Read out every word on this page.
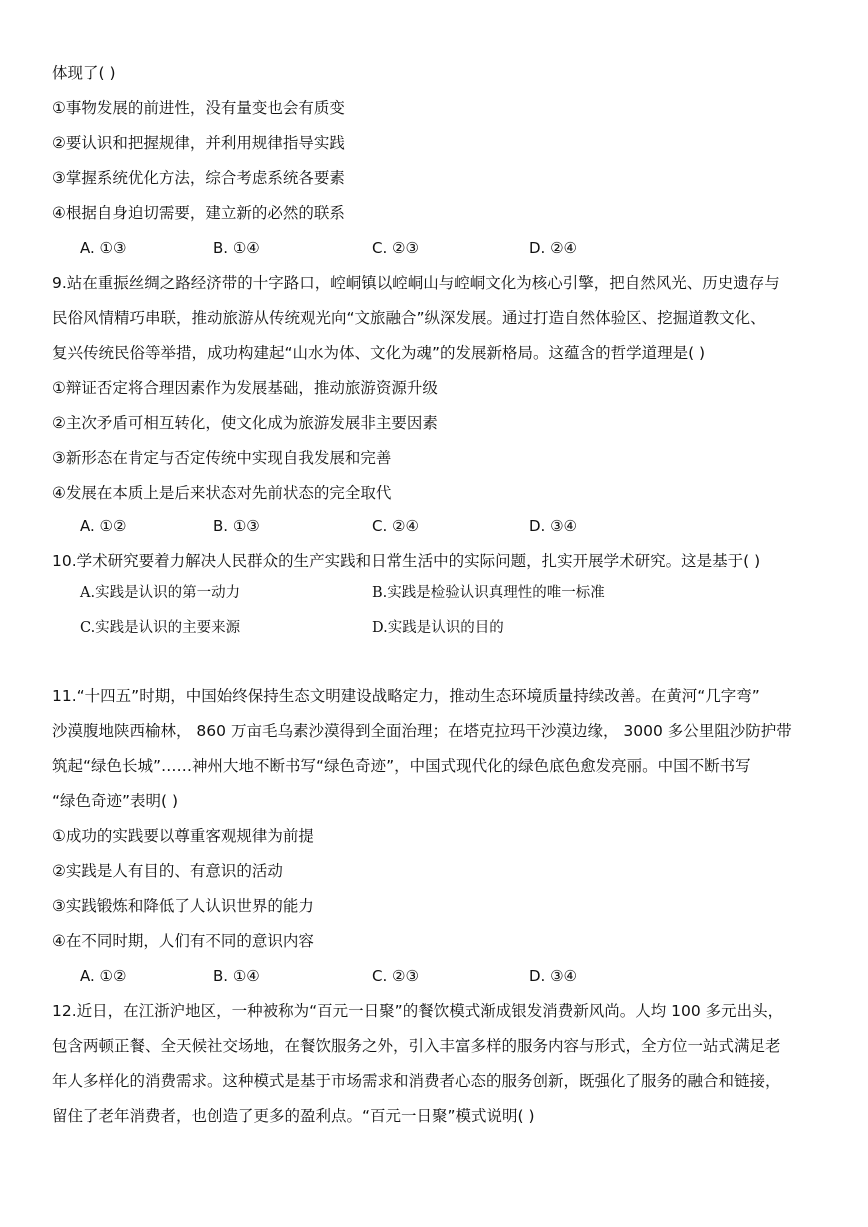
体现了( )
①事物发展的前进性，没有量变也会有质变
②要认识和把握规律，并利用规律指导实践
③掌握系统优化方法，综合考虑系统各要素
④根据自身迫切需要，建立新的必然的联系
A. ①③	B. ①④	C. ②③	D. ②④
9.站在重振丝绸之路经济带的十字路口，崆峒镇以崆峒山与崆峒文化为核心引擎，把自然风光、历史遗存与
民俗风情精巧串联，推动旅游从传统观光向“文旅融合”纵深发展。通过打造自然体验区、挖掘道教文化、
复兴传统民俗等举措，成功构建起“山水为体、文化为魂”的发展新格局。这蕴含的哲学道理是( )
①辩证否定将合理因素作为发展基础，推动旅游资源升级
②主次矛盾可相互转化，使文化成为旅游发展非主要因素
③新形态在肯定与否定传统中实现自我发展和完善
④发展在本质上是后来状态对先前状态的完全取代
A. ①②	B. ①③	C. ②④	D. ③④
10.学术研究要着力解决人民群众的生产实践和日常生活中的实际问题，扎实开展学术研究。这是基于( )
A.实践是认识的第一动力	B.实践是检验认识真理性的唯一标准
C.实践是认识的主要来源	D.实践是认识的目的
11.“十四五”时期，中国始终保持生态文明建设战略定力，推动生态环境质量持续改善。在黄河“几字弯”
沙漠腹地陕西榆林， 860 万亩毛乌素沙漠得到全面治理；在塔克拉玛干沙漠边缘， 3000 多公里阻沙防护带
筑起“绿色长城”……神州大地不断书写“绿色奇迹”，中国式现代化的绿色底色愈发亮丽。中国不断书写
“绿色奇迹”表明( )
①成功的实践要以尊重客观规律为前提
②实践是人有目的、有意识的活动
③实践锻炼和降低了人认识世界的能力
④在不同时期，人们有不同的意识内容
A. ①②	B. ①④	C. ②③	D. ③④
12.近日，在江浙沪地区，一种被称为“百元一日聚”的餐饮模式渐成银发消费新风尚。人均 100 多元出头，
包含两顿正餐、全天候社交场地，在餐饮服务之外，引入丰富多样的服务内容与形式，全方位一站式满足老
年人多样化的消费需求。这种模式是基于市场需求和消费者心态的服务创新，既强化了服务的融合和链接，
留住了老年消费者，也创造了更多的盈利点。“百元一日聚”模式说明( )
